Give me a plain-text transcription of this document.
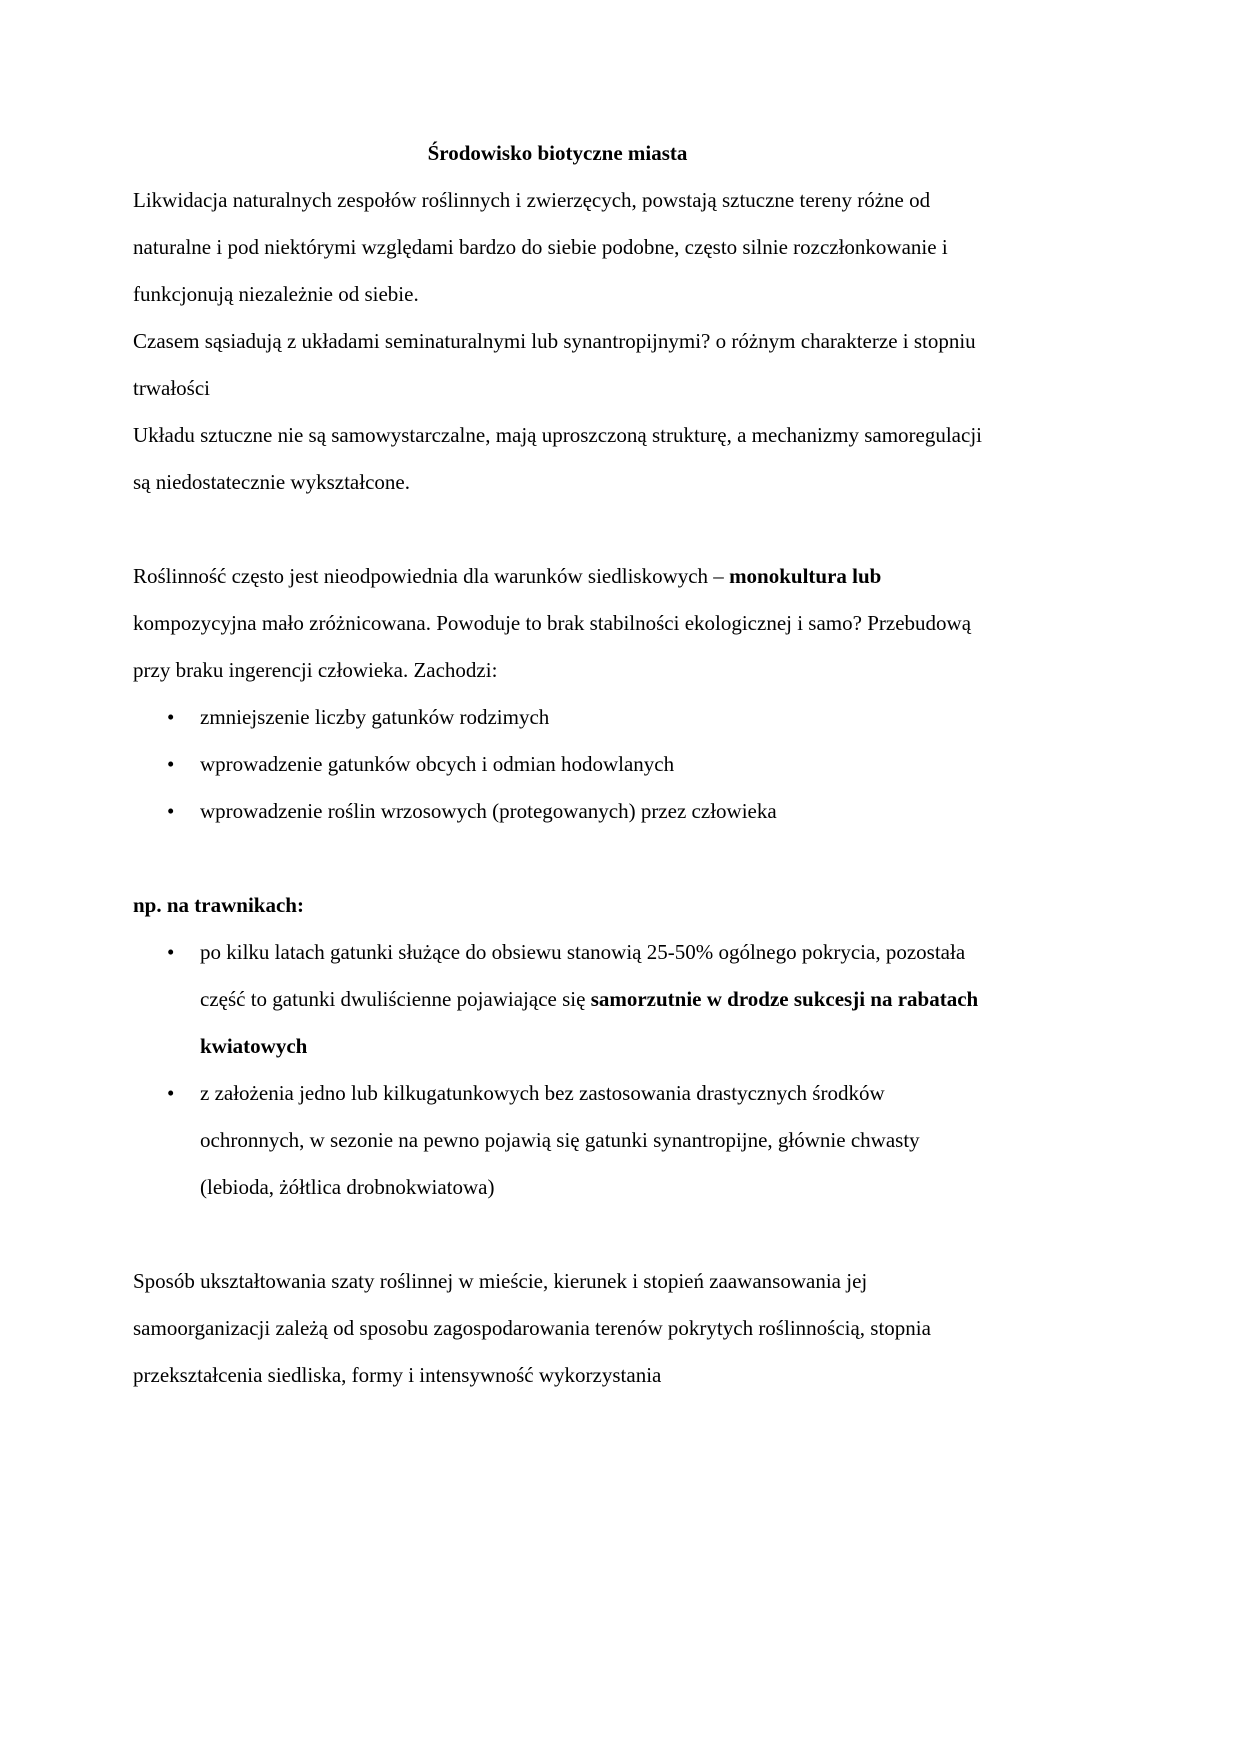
Środowisko biotyczne miasta

Likwidacja naturalnych zespołów roślinnych i zwierzęcych, powstają sztuczne tereny różne od naturalne i pod niektórymi względami bardzo do siebie podobne, często silnie rozczłonkowanie i funkcjonują niezależnie od siebie.

Czasem sąsiadują z układami seminaturalnymi lub synantropijnymi? o różnym charakterze i stopniu trwałości

Układu sztuczne nie są samowystarczalne, mają uproszczoną strukturę, a mechanizmy samoregulacji są niedostatecznie wykształcone.

Roślinność często jest nieodpowiednia dla warunków siedliskowych – monokultura lub kompozycyjna mało zróżnicowana. Powoduje to brak stabilności ekologicznej i samo? Przebudową przy braku ingerencji człowieka. Zachodzi:

• zmniejszenie liczby gatunków rodzimych
• wprowadzenie gatunków obcych i odmian hodowlanych
• wprowadzenie roślin wrzosowych (protegowanych) przez człowieka

np. na trawnikach:

• po kilku latach gatunki służące do obsiewu stanowią 25-50% ogólnego pokrycia, pozostała część to gatunki dwuliścienne pojawiające się samorzutnie w drodze sukcesji na rabatach kwiatowych
• z założenia jedno lub kilkugatunkowych bez zastosowania drastycznych środków ochronnych, w sezonie na pewno pojawią się gatunki synantropijne, głównie chwasty (lebioda, żółtlica drobnokwiatowa)

Sposób ukształtowania szaty roślinnej w mieście, kierunek i stopień zaawansowania jej samoorganizacji zależą od sposobu zagospodarowania terenów pokrytych roślinnością, stopnia przekształcenia siedliska, formy i intensywność wykorzystania
